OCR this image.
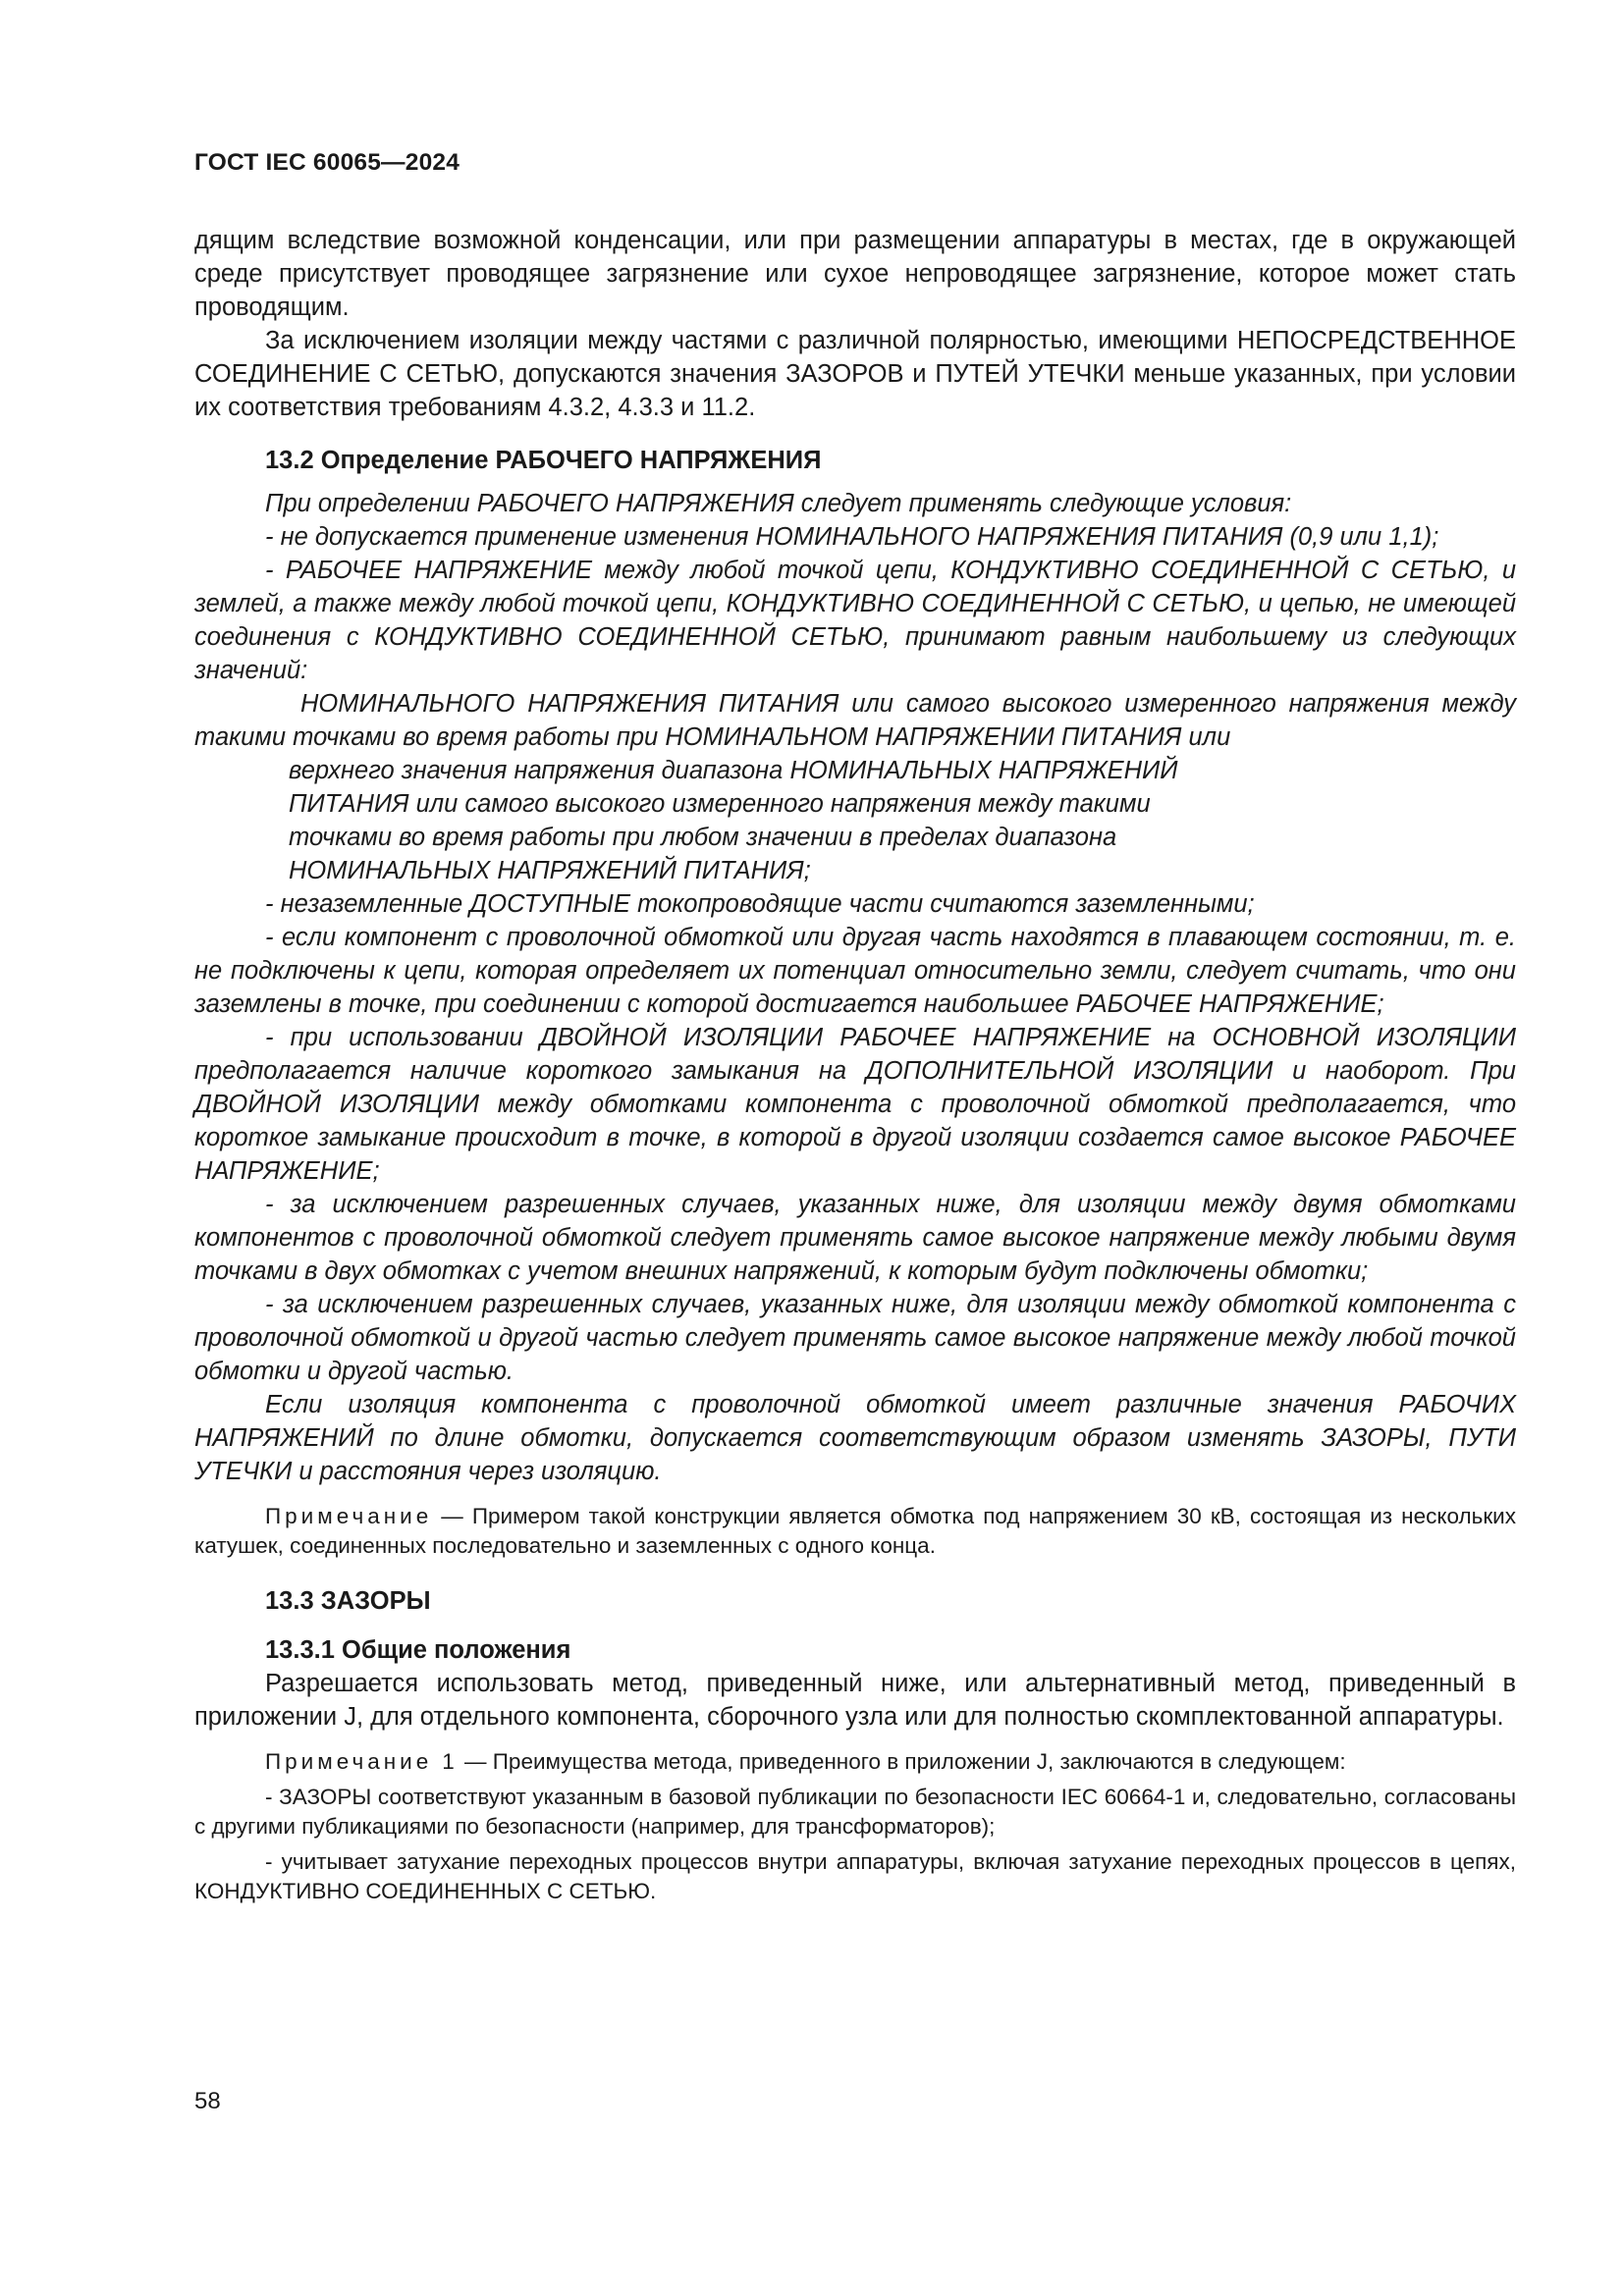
ГОСТ IEC 60065—2024

дящим вследствие возможной конденсации, или при размещении аппаратуры в местах, где в окружающей среде присутствует проводящее загрязнение или сухое непроводящее загрязнение, которое может стать проводящим.

За исключением изоляции между частями с различной полярностью, имеющими НЕПОСРЕДСТВЕННОЕ СОЕДИНЕНИЕ С СЕТЬЮ, допускаются значения ЗАЗОРОВ и ПУТЕЙ УТЕЧКИ меньше указанных, при условии их соответствия требованиям 4.3.2, 4.3.3 и 11.2.

13.2 Определение РАБОЧЕГО НАПРЯЖЕНИЯ

При определении РАБОЧЕГО НАПРЯЖЕНИЯ следует применять следующие условия:

- не допускается применение изменения НОМИНАЛЬНОГО НАПРЯЖЕНИЯ ПИТАНИЯ (0,9 или 1,1);

- РАБОЧЕЕ НАПРЯЖЕНИЕ между любой точкой цепи, КОНДУКТИВНО СОЕДИНЕННОЙ С СЕТЬЮ, и землей, а также между любой точкой цепи, КОНДУКТИВНО СОЕДИНЕННОЙ С СЕТЬЮ, и цепью, не имеющей соединения с КОНДУКТИВНО СОЕДИНЕННОЙ СЕТЬЮ, принимают равным наибольшему из следующих значений:

НОМИНАЛЬНОГО НАПРЯЖЕНИЯ ПИТАНИЯ или самого высокого измеренного напряжения между такими точками во время работы при НОМИНАЛЬНОМ НАПРЯЖЕНИИ ПИТАНИЯ или

верхнего значения напряжения диапазона НОМИНАЛЬНЫХ НАПРЯЖЕНИЙ

ПИТАНИЯ или самого высокого измеренного напряжения между такими

точками во время работы при любом значении в пределах диапазона

НОМИНАЛЬНЫХ НАПРЯЖЕНИЙ ПИТАНИЯ;

- незаземленные ДОСТУПНЫЕ токопроводящие части считаются заземленными;

- если компонент с проволочной обмоткой или другая часть находятся в плавающем состоянии, т. е. не подключены к цепи, которая определяет их потенциал относительно земли, следует считать, что они заземлены в точке, при соединении с которой достигается наибольшее РАБОЧЕЕ НАПРЯЖЕНИЕ;

- при использовании ДВОЙНОЙ ИЗОЛЯЦИИ РАБОЧЕЕ НАПРЯЖЕНИЕ на ОСНОВНОЙ ИЗОЛЯЦИИ предполагается наличие короткого замыкания на ДОПОЛНИТЕЛЬНОЙ ИЗОЛЯЦИИ и наоборот. При ДВОЙНОЙ ИЗОЛЯЦИИ между обмотками компонента с проволочной обмоткой предполагается, что короткое замыкание происходит в точке, в которой в другой изоляции создается самое высокое РАБОЧЕЕ НАПРЯЖЕНИЕ;

- за исключением разрешенных случаев, указанных ниже, для изоляции между двумя обмотками компонентов с проволочной обмоткой следует применять самое высокое напряжение между любыми двумя точками в двух обмотках с учетом внешних напряжений, к которым будут подключены обмотки;

- за исключением разрешенных случаев, указанных ниже, для изоляции между обмоткой компонента с проволочной обмоткой и другой частью следует применять самое высокое напряжение между любой точкой обмотки и другой частью.

Если изоляция компонента с проволочной обмоткой имеет различные значения РАБОЧИХ НАПРЯЖЕНИЙ по длине обмотки, допускается соответствующим образом изменять ЗАЗОРЫ, ПУТИ УТЕЧКИ и расстояния через изоляцию.

Примечание — Примером такой конструкции является обмотка под напряжением 30 кВ, состоящая из нескольких катушек, соединенных последовательно и заземленных с одного конца.

13.3 ЗАЗОРЫ

13.3.1 Общие положения

Разрешается использовать метод, приведенный ниже, или альтернативный метод, приведенный в приложении J, для отдельного компонента, сборочного узла или для полностью скомплектованной аппаратуры.

Примечание 1 — Преимущества метода, приведенного в приложении J, заключаются в следующем:

- ЗАЗОРЫ соответствуют указанным в базовой публикации по безопасности IEC 60664-1 и, следовательно, согласованы с другими публикациями по безопасности (например, для трансформаторов);

- учитывает затухание переходных процессов внутри аппаратуры, включая затухание переходных процессов в цепях, КОНДУКТИВНО СОЕДИНЕННЫХ С СЕТЬЮ.

58
